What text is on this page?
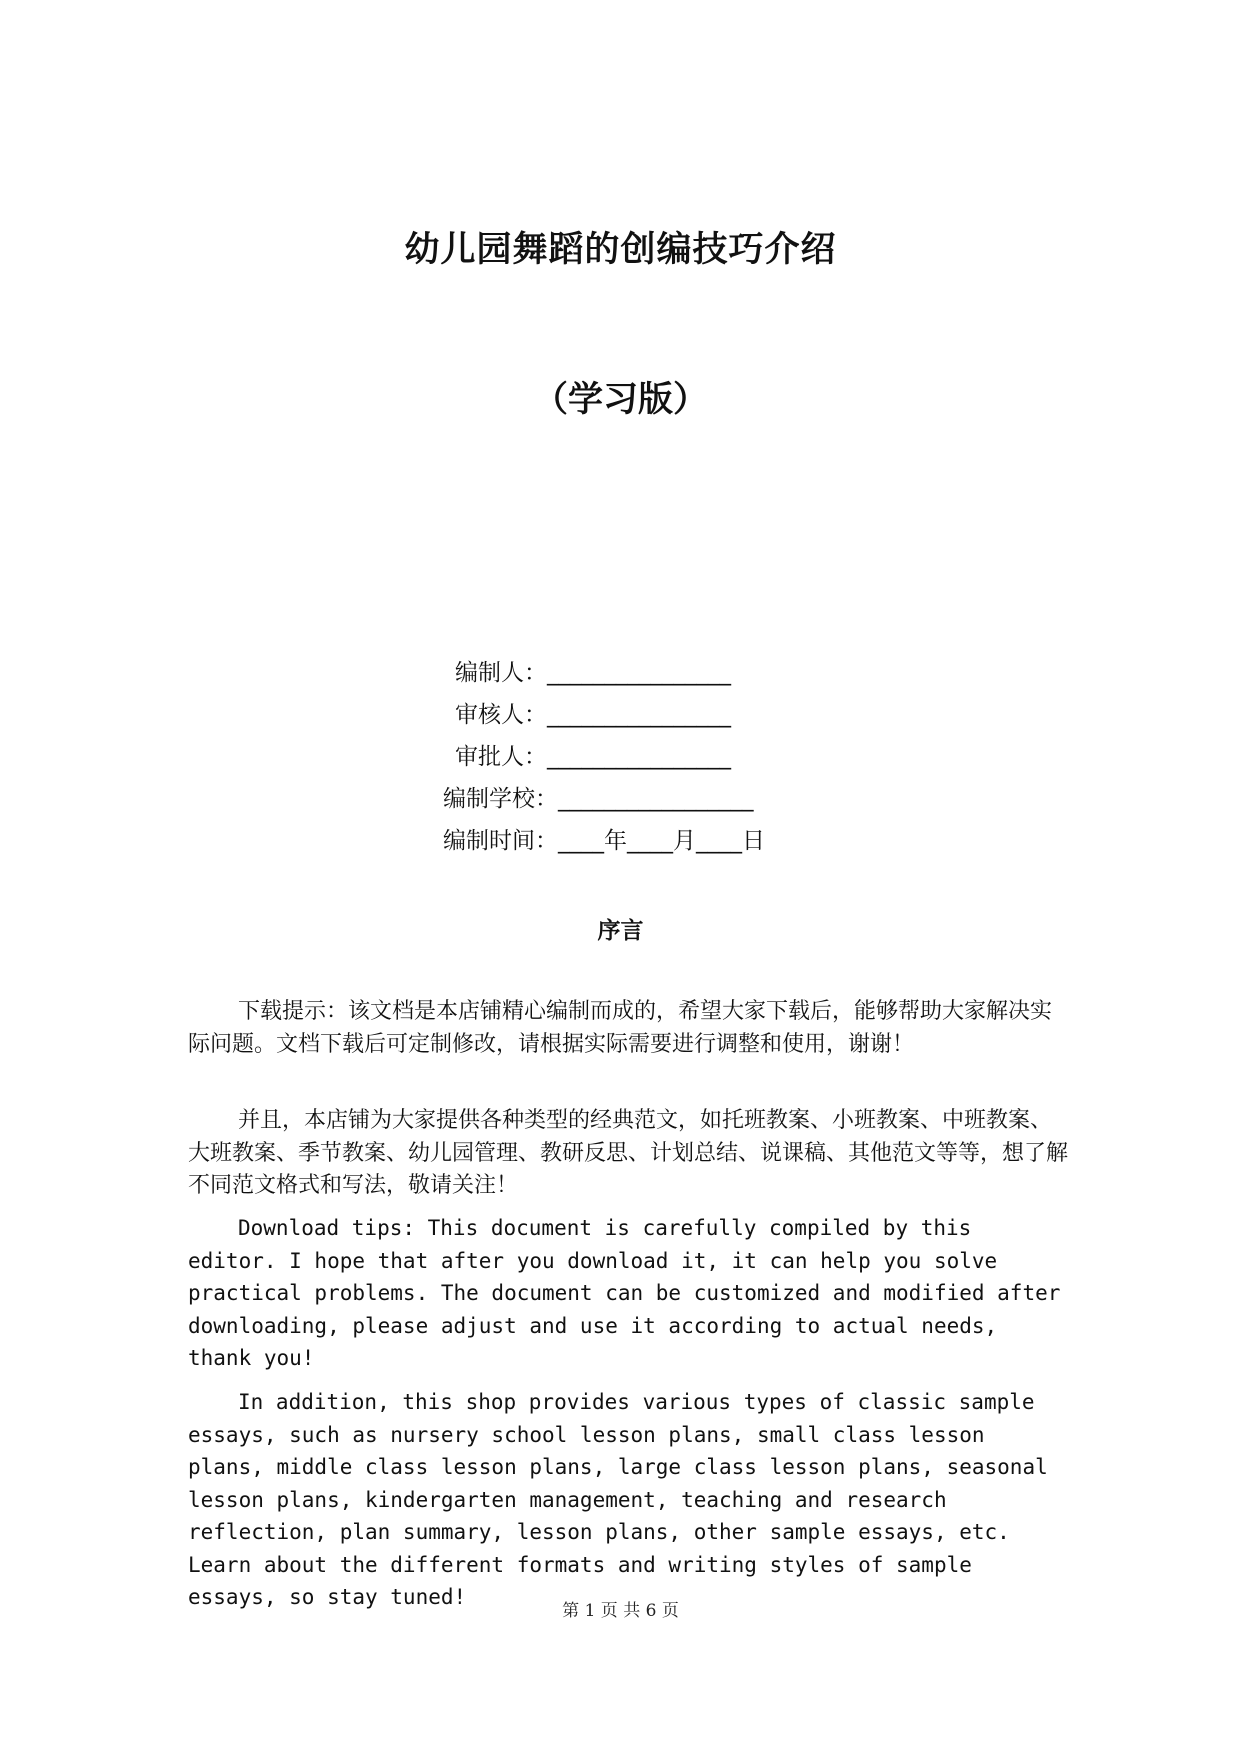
幼儿园舞蹈的创编技巧介绍
（学习版）
编制人：________________
审核人：________________
审批人：________________
编制学校：_________________
编制时间：____年____月____日
序言

下载提示：该文档是本店铺精心编制而成的，希望大家下载后，能够帮助大家解决实际问题。文档下载后可定制修改，请根据实际需要进行调整和使用，谢谢！

并且，本店铺为大家提供各种类型的经典范文，如托班教案、小班教案、中班教案、大班教案、季节教案、幼儿园管理、教研反思、计划总结、说课稿、其他范文等等，想了解不同范文格式和写法，敬请关注！

Download tips: This document is carefully compiled by this editor. I hope that after you download it, it can help you solve practical problems. The document can be customized and modified after downloading, please adjust and use it according to actual needs, thank you!

In addition, this shop provides various types of classic sample essays, such as nursery school lesson plans, small class lesson plans, middle class lesson plans, large class lesson plans, seasonal lesson plans, kindergarten management, teaching and research reflection, plan summary, lesson plans, other sample essays, etc. Learn about the different formats and writing styles of sample essays, so stay tuned!

第 1 页 共 6 页
